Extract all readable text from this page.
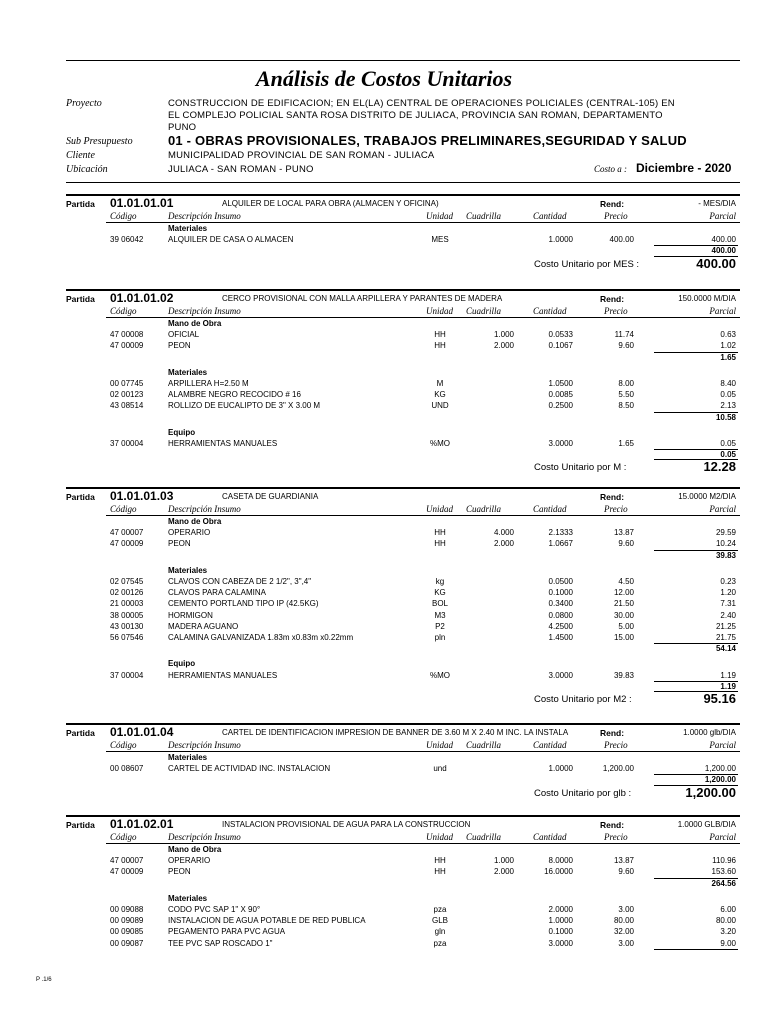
Análisis de Costos Unitarios
Proyecto	CONSTRUCCION DE EDIFICACION; EN EL(LA) CENTRAL DE OPERACIONES POLICIALES (CENTRAL-105) EN
EL COMPLEJO POLICIAL SANTA ROSA DISTRITO DE JULIACA, PROVINCIA SAN ROMAN, DEPARTAMENTO
PUNO
Sub Presupuesto	01 - OBRAS PROVISIONALES, TRABAJOS PRELIMINARES,SEGURIDAD Y SALUD
Cliente	MUNICIPALIDAD PROVINCIAL DE SAN ROMAN - JULIACA
Ubicación	JULIACA - SAN ROMAN - PUNO	Costo a : Diciembre - 2020
Partida 01.01.01.01	ALQUILER DE LOCAL PARA OBRA (ALMACEN Y OFICINA)	Rend:	- MES/DIA
Código	Descripción Insumo	Unidad Cuadrilla	Cantidad	Precio	Parcial
Materiales
39 06042	ALQUILER DE CASA O ALMACEN	MES	1.0000	400.00	400.00
400.00
Costo Unitario por MES :	400.00
Partida 01.01.01.02	CERCO PROVISIONAL CON MALLA ARPILLERA Y PARANTES DE MADERA	Rend:	150.0000 M/DIA
Código	Descripción Insumo	Unidad Cuadrilla	Cantidad	Precio	Parcial
Mano de Obra
47 00008	OFICIAL	HH	1.000	0.0533	11.74	0.63
47 00009	PEON	HH	2.000	0.1067	9.60	1.02
1.65
Materiales
00 07745	ARPILLERA H=2.50 M	M	1.0500	8.00	8.40
02 00123	ALAMBRE NEGRO RECOCIDO # 16	KG	0.0085	5.50	0.05
43 08514	ROLLIZO DE EUCALIPTO DE 3" X 3.00 M	UND	0.2500	8.50	2.13
10.58
Equipo
37 00004	HERRAMIENTAS MANUALES	%MO	3.0000	1.65	0.05
0.05
Costo Unitario por M :	12.28
Partida 01.01.01.03	CASETA DE GUARDIANIA	Rend:	15.0000 M2/DIA
Código	Descripción Insumo	Unidad Cuadrilla	Cantidad	Precio	Parcial
Mano de Obra
47 00007	OPERARIO	HH	4.000	2.1333	13.87	29.59
47 00009	PEON	HH	2.000	1.0667	9.60	10.24
39.83
Materiales
02 07545	CLAVOS CON CABEZA DE 2 1/2", 3",4"	kg	0.0500	4.50	0.23
02 00126	CLAVOS PARA CALAMINA	KG	0.1000	12.00	1.20
21 00003	CEMENTO PORTLAND TIPO IP (42.5KG)	BOL	0.3400	21.50	7.31
38 00005	HORMIGON	M3	0.0800	30.00	2.40
43 00130	MADERA AGUANO	P2	4.2500	5.00	21.25
56 07546	CALAMINA GALVANIZADA 1.83m x0.83m x0.22mm	pln	1.4500	15.00	21.75
54.14
Equipo
37 00004	HERRAMIENTAS MANUALES	%MO	3.0000	39.83	1.19
1.19
Costo Unitario por M2 :	95.16
Partida 01.01.01.04	CARTEL DE IDENTIFICACION IMPRESION DE BANNER DE 3.60 M X 2.40 M INC. LA INSTALA	Rend:	1.0000 glb/DIA
Código	Descripción Insumo	Unidad Cuadrilla	Cantidad	Precio	Parcial
Materiales
00 08607	CARTEL DE ACTIVIDAD INC. INSTALACION	und	1.0000	1,200.00	1,200.00
1,200.00
Costo Unitario por glb :	1,200.00
Partida 01.01.02.01	INSTALACION PROVISIONAL DE AGUA PARA LA CONSTRUCCION	Rend:	1.0000 GLB/DIA
Código	Descripción Insumo	Unidad Cuadrilla	Cantidad	Precio	Parcial
Mano de Obra
47 00007	OPERARIO	HH	1.000	8.0000	13.87	110.96
47 00009	PEON	HH	2.000	16.0000	9.60	153.60
264.56
Materiales
00 09088	CODO PVC SAP 1" X 90°	pza	2.0000	3.00	6.00
00 09089	INSTALACION DE AGUA POTABLE DE RED PUBLICA	GLB	1.0000	80.00	80.00
00 09085	PEGAMENTO PARA PVC AGUA	gln	0.1000	32.00	3.20
00 09087	TEE PVC SAP ROSCADO 1"	pza	3.0000	3.00	9.00
P .1/6
